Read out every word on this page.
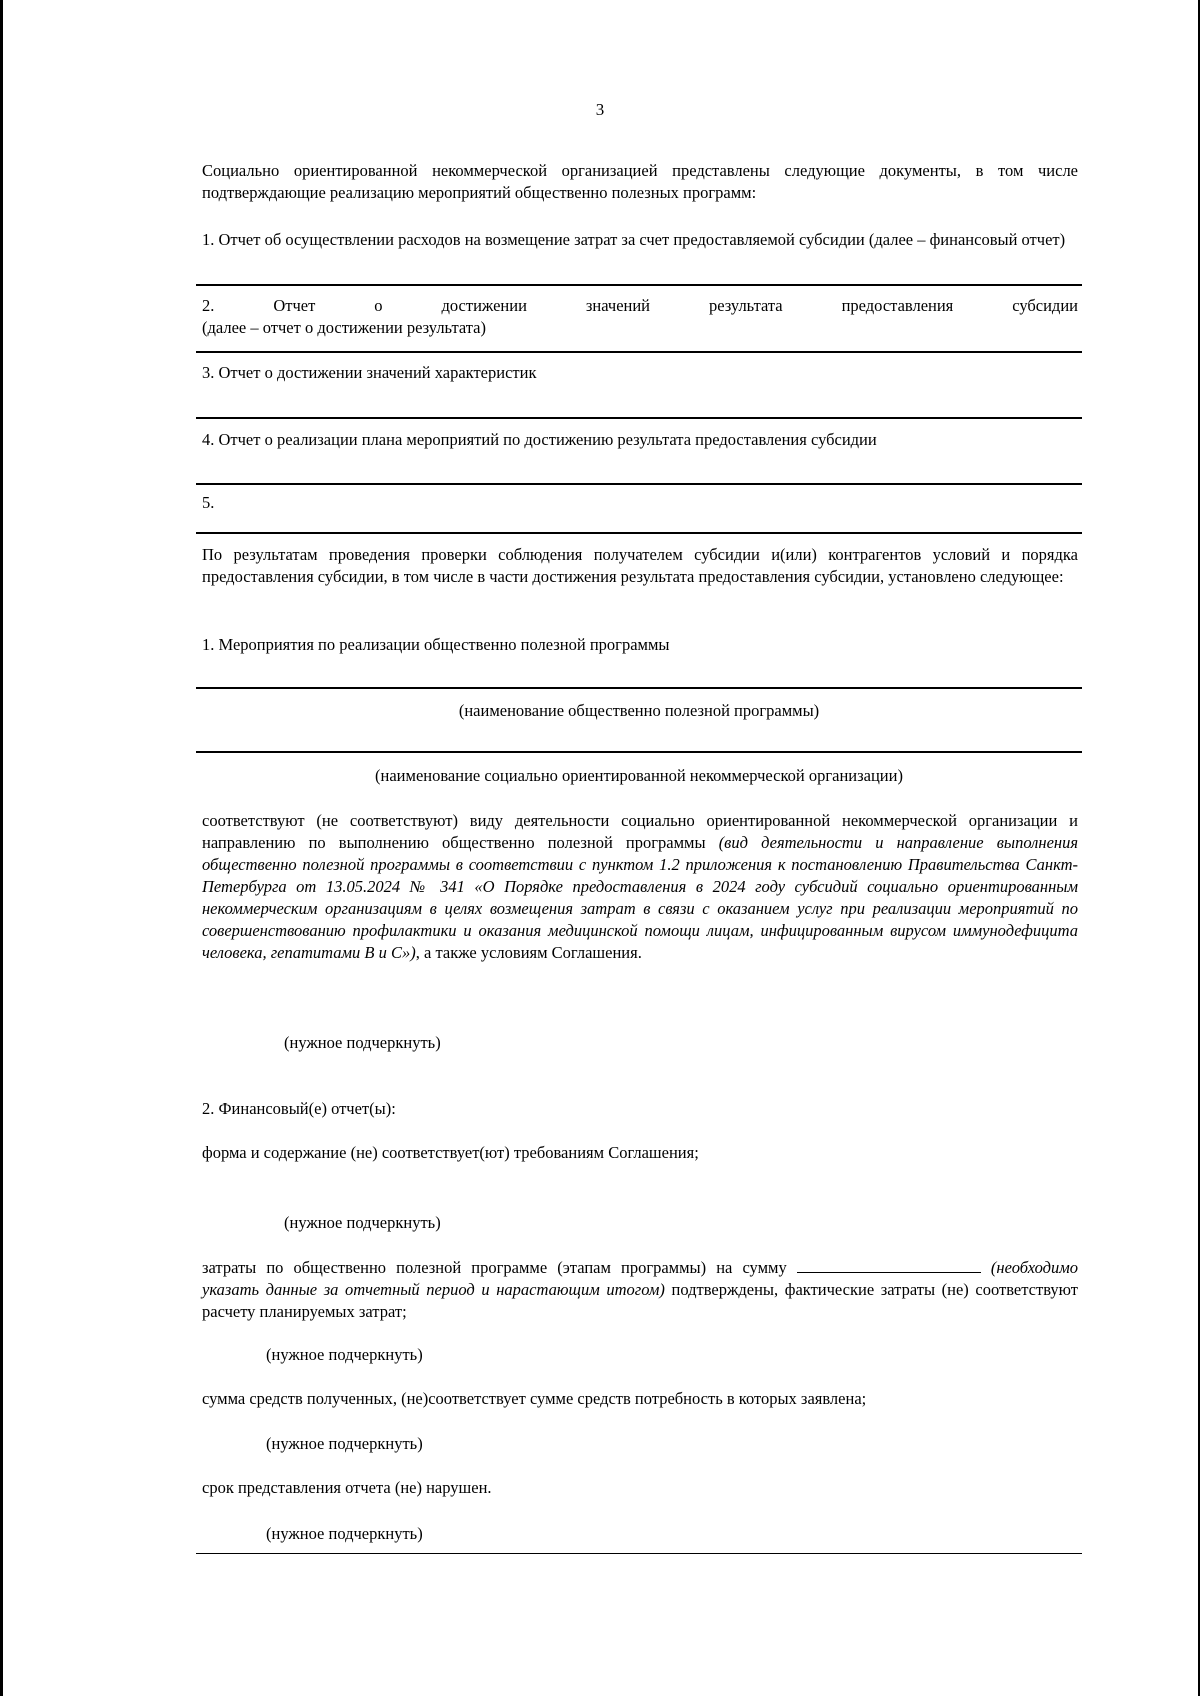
3
Социально ориентированной некоммерческой организацией представлены следующие документы, в том числе подтверждающие реализацию мероприятий общественно полезных программ:
1. Отчет об осуществлении расходов на возмещение затрат за счет предоставляемой субсидии (далее – финансовый отчет)
2. Отчет о достижении значений результата предоставления субсидии
(далее – отчет о достижении результата)
3. Отчет о достижении значений характеристик
4. Отчет о реализации плана мероприятий по достижению результата предоставления субсидии
5.
По результатам проведения проверки соблюдения получателем субсидии и(или) контрагентов условий и порядка предоставления субсидии, в том числе в части достижения результата предоставления субсидии, установлено следующее:
1. Мероприятия по реализации общественно полезной программы
(наименование общественно полезной программы)
(наименование социально ориентированной некоммерческой организации)
соответствуют (не соответствуют) виду деятельности социально ориентированной некоммерческой организации и направлению по выполнению общественно полезной программы (вид деятельности и направление выполнения общественно полезной программы в соответствии с пунктом 1.2 приложения к постановлению Правительства Санкт-Петербурга от 13.05.2024 № 341 «О Порядке предоставления в 2024 году субсидий социально ориентированным некоммерческим организациям в целях возмещения затрат в связи с оказанием услуг при реализации мероприятий по совершенствованию профилактики и оказания медицинской помощи лицам, инфицированным вирусом иммунодефицита человека, гепатитами В и С»), а также условиям Соглашения.
(нужное подчеркнуть)
2. Финансовый(е) отчет(ы):
форма и содержание (не) соответствует(ют) требованиям Соглашения;
(нужное подчеркнуть)
затраты по общественно полезной программе (этапам программы) на сумму	(необходимо указать данные за отчетный период и нарастающим итогом) подтверждены, фактические затраты (не) соответствуют расчету планируемых затрат;
(нужное подчеркнуть)
сумма средств полученных, (не)соответствует сумме средств потребность в которых заявлена;
(нужное подчеркнуть)
срок представления отчета (не) нарушен.
(нужное подчеркнуть)
